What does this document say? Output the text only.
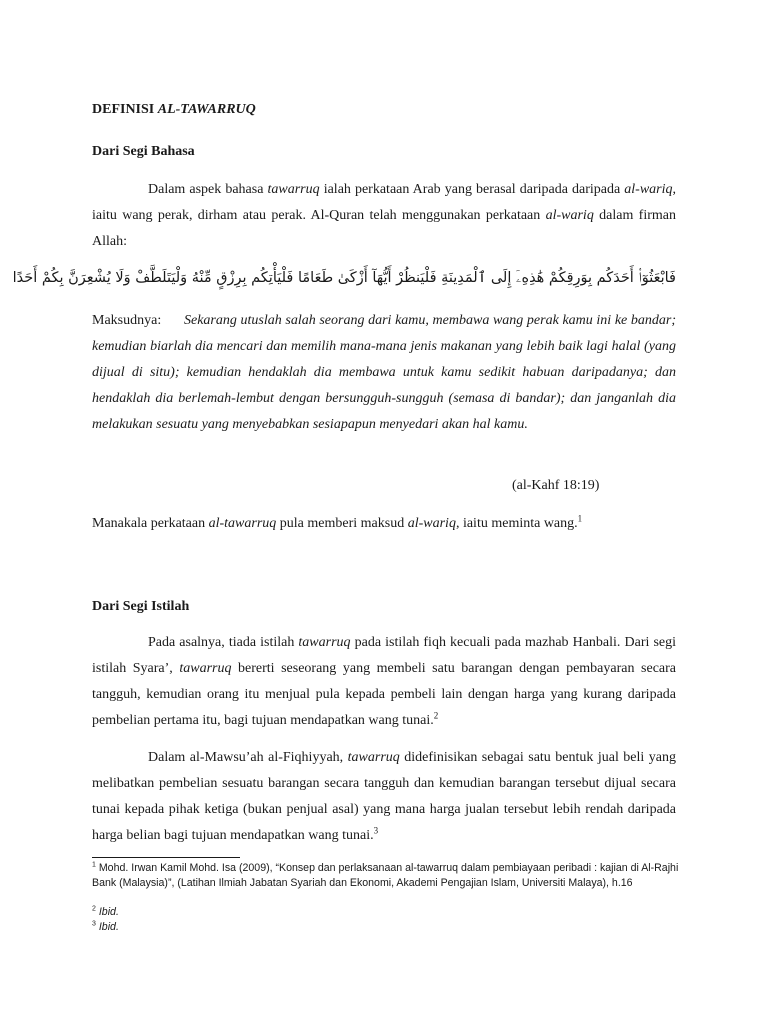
DEFINISI AL-TAWARRUQ
Dari Segi Bahasa

Dalam aspek bahasa tawarruq ialah perkataan Arab yang berasal daripada daripada al-wariq, iaitu wang perak, dirham atau perak. Al-Quran telah menggunakan perkataan al-wariq dalam firman Allah:

فَابْعَثُوٓا۟ أَحَدَكُم بِوَرِقِكُمْ هَٰذِهِۦٓ إِلَى ٱلْمَدِينَةِ فَلْيَنظُرْ أَيُّهَآ أَزْكَىٰ طَعَامًا فَلْيَأْتِكُم بِرِزْقٍ مِّنْهُ وَلْيَتَلَطَّفْ وَلَا يُشْعِرَنَّ بِكُمْ أَحَدًا

Maksudnya: Sekarang utuslah salah seorang dari kamu, membawa wang perak kamu ini ke bandar; kemudian biarlah dia mencari dan memilih mana-mana jenis makanan yang lebih baik lagi halal (yang dijual di situ); kemudian hendaklah dia membawa untuk kamu sedikit habuan daripadanya; dan hendaklah dia berlemah-lembut dengan bersungguh-sungguh (semasa di bandar); dan janganlah dia melakukan sesuatu yang menyebabkan sesiapapun menyedari akan hal kamu.

(al-Kahf 18:19)

Manakala perkataan al-tawarruq pula memberi maksud al-wariq, iaitu meminta wang.$^1$

Dari Segi Istilah

Pada asalnya, tiada istilah tawarruq pada istilah fiqh kecuali pada mazhab Hanbali. Dari segi istilah Syara’, tawarruq bererti seseorang yang membeli satu barangan dengan pembayaran secara tangguh, kemudian orang itu menjual pula kepada pembeli lain dengan harga yang kurang daripada pembelian pertama itu, bagi tujuan mendapatkan wang tunai.$^2$

Dalam al-Mawsu’ah al-Fiqhiyyah, tawarruq didefinisikan sebagai satu bentuk jual beli yang melibatkan pembelian sesuatu barangan secara tangguh dan kemudian barangan tersebut dijual secara tunai kepada pihak ketiga (bukan penjual asal) yang mana harga jualan tersebut lebih rendah daripada harga belian bagi tujuan mendapatkan wang tunai.$^3$

$^1$ Mohd. Irwan Kamil Mohd. Isa (2009), “Konsep dan perlaksanaan al-tawarruq dalam pembiayaan peribadi : kajian di Al-Rajhi Bank (Malaysia)”, (Latihan Ilmiah Jabatan Syariah dan Ekonomi, Akademi Pengajian Islam, Universiti Malaya), h.16
$^2$ Ibid.
$^3$ Ibid.
